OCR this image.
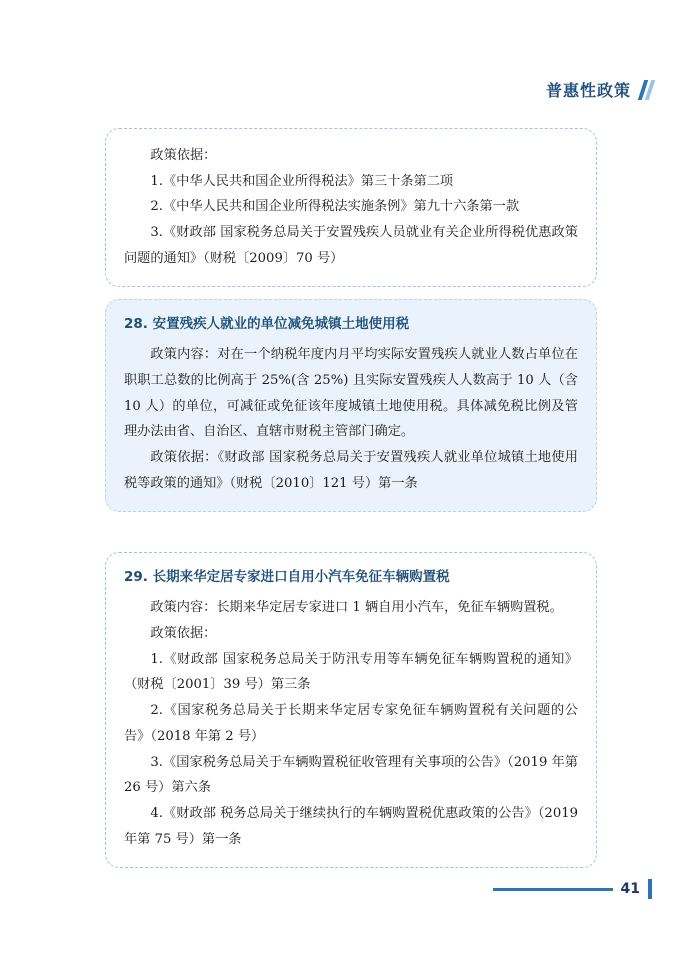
普惠性政策

政策依据：

1.《中华人民共和国企业所得税法》第三十条第二项

2.《中华人民共和国企业所得税法实施条例》第九十六条第一款

3.《财政部 国家税务总局关于安置残疾人员就业有关企业所得税优惠政策问题的通知》（财税〔2009〕70 号）

28. 安置残疾人就业的单位减免城镇土地使用税

政策内容：对在一个纳税年度内月平均实际安置残疾人就业人数占单位在职职工总数的比例高于 25%(含 25%) 且实际安置残疾人人数高于 10 人（含 10 人）的单位，可减征或免征该年度城镇土地使用税。具体减免税比例及管理办法由省、自治区、直辖市财税主管部门确定。

政策依据：《财政部 国家税务总局关于安置残疾人就业单位城镇土地使用税等政策的通知》（财税〔2010〕121 号）第一条

29. 长期来华定居专家进口自用小汽车免征车辆购置税

政策内容：长期来华定居专家进口 1 辆自用小汽车，免征车辆购置税。

政策依据：

1.《财政部 国家税务总局关于防汛专用等车辆免征车辆购置税的通知》（财税〔2001〕39 号）第三条

2.《国家税务总局关于长期来华定居专家免征车辆购置税有关问题的公告》（2018 年第 2 号）

3.《国家税务总局关于车辆购置税征收管理有关事项的公告》（2019 年第 26 号）第六条

4.《财政部 税务总局关于继续执行的车辆购置税优惠政策的公告》（2019 年第 75 号）第一条

41
